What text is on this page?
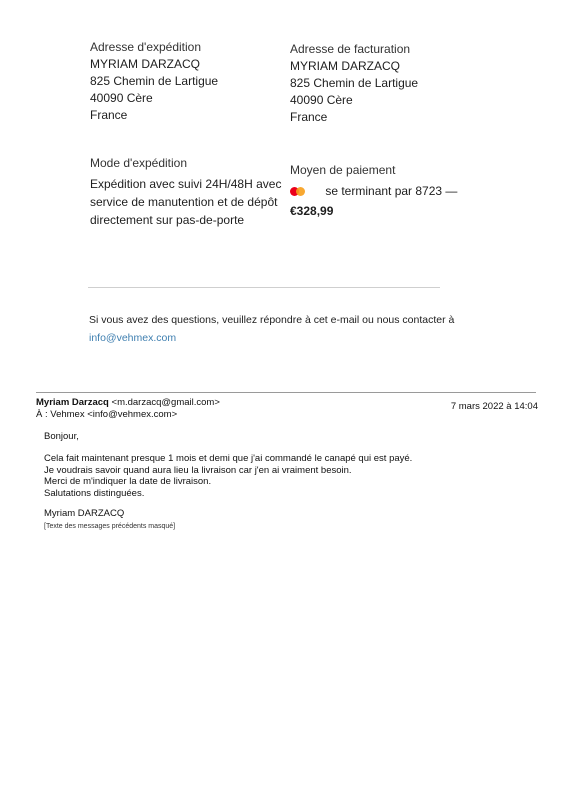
Adresse d'expédition
MYRIAM DARZACQ
825 Chemin de Lartigue
40090 Cère
France
Adresse de facturation
MYRIAM DARZACQ
825 Chemin de Lartigue
40090 Cère
France
Mode d'expédition
Expédition avec suivi 24H/48H avec
service de manutention et de dépôt
directement sur pas-de-porte
Moyen de paiement
se terminant par 8723 —
€328,99
Si vous avez des questions, veuillez répondre à cet e-mail ou nous contacter à
info@vehmex.com
Myriam Darzacq <m.darzacq@gmail.com>
À : Vehmex <info@vehmex.com>
7 mars 2022 à 14:04
Bonjour,
Cela fait maintenant presque 1 mois et demi que j'ai commandé le canapé qui est payé.
Je voudrais savoir quand aura lieu la livraison car j'en ai vraiment besoin.
Merci de m'indiquer la date de livraison.
Salutations distinguées.
Myriam DARZACQ
[Texte des messages précédents masqué]
